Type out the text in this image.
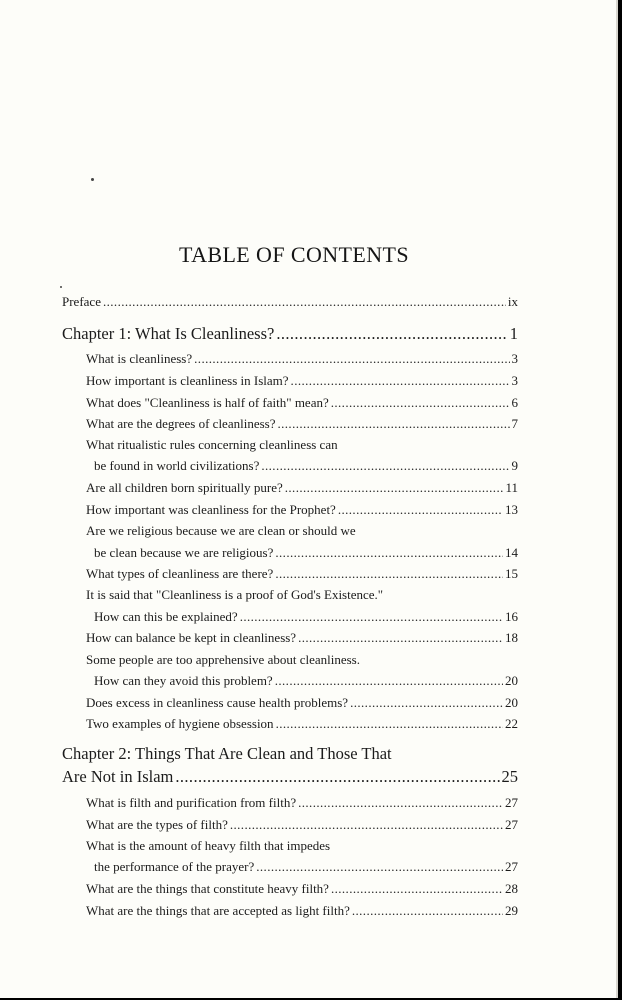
TABLE OF CONTENTS
Preface .....	ix
Chapter 1: What Is Cleanliness? .....	1
What is cleanliness? .....	3
How important is cleanliness in Islam? .....	3
What does "Cleanliness is half of faith" mean? .....	6
What are the degrees of cleanliness? .....	7
What ritualistic rules concerning cleanliness can
be found in world civilizations? .....	9
Are all children born spiritually pure? .....	11
How important was cleanliness for the Prophet? .....	13
Are we religious because we are clean or should we
be clean because we are religious? .....	14
What types of cleanliness are there? .....	15
It is said that "Cleanliness is a proof of God's Existence."
How can this be explained? .....	16
How can balance be kept in cleanliness? .....	18
Some people are too apprehensive about cleanliness.
How can they avoid this problem? .....	20
Does excess in cleanliness cause health problems? .....	20
Two examples of hygiene obsession .....	22
Chapter 2: Things That Are Clean and Those That
Are Not in Islam .....	25
What is filth and purification from filth? .....	27
What are the types of filth? .....	27
What is the amount of heavy filth that impedes
the performance of the prayer? .....	27
What are the things that constitute heavy filth? .....	28
What are the things that are accepted as light filth? .....	29
